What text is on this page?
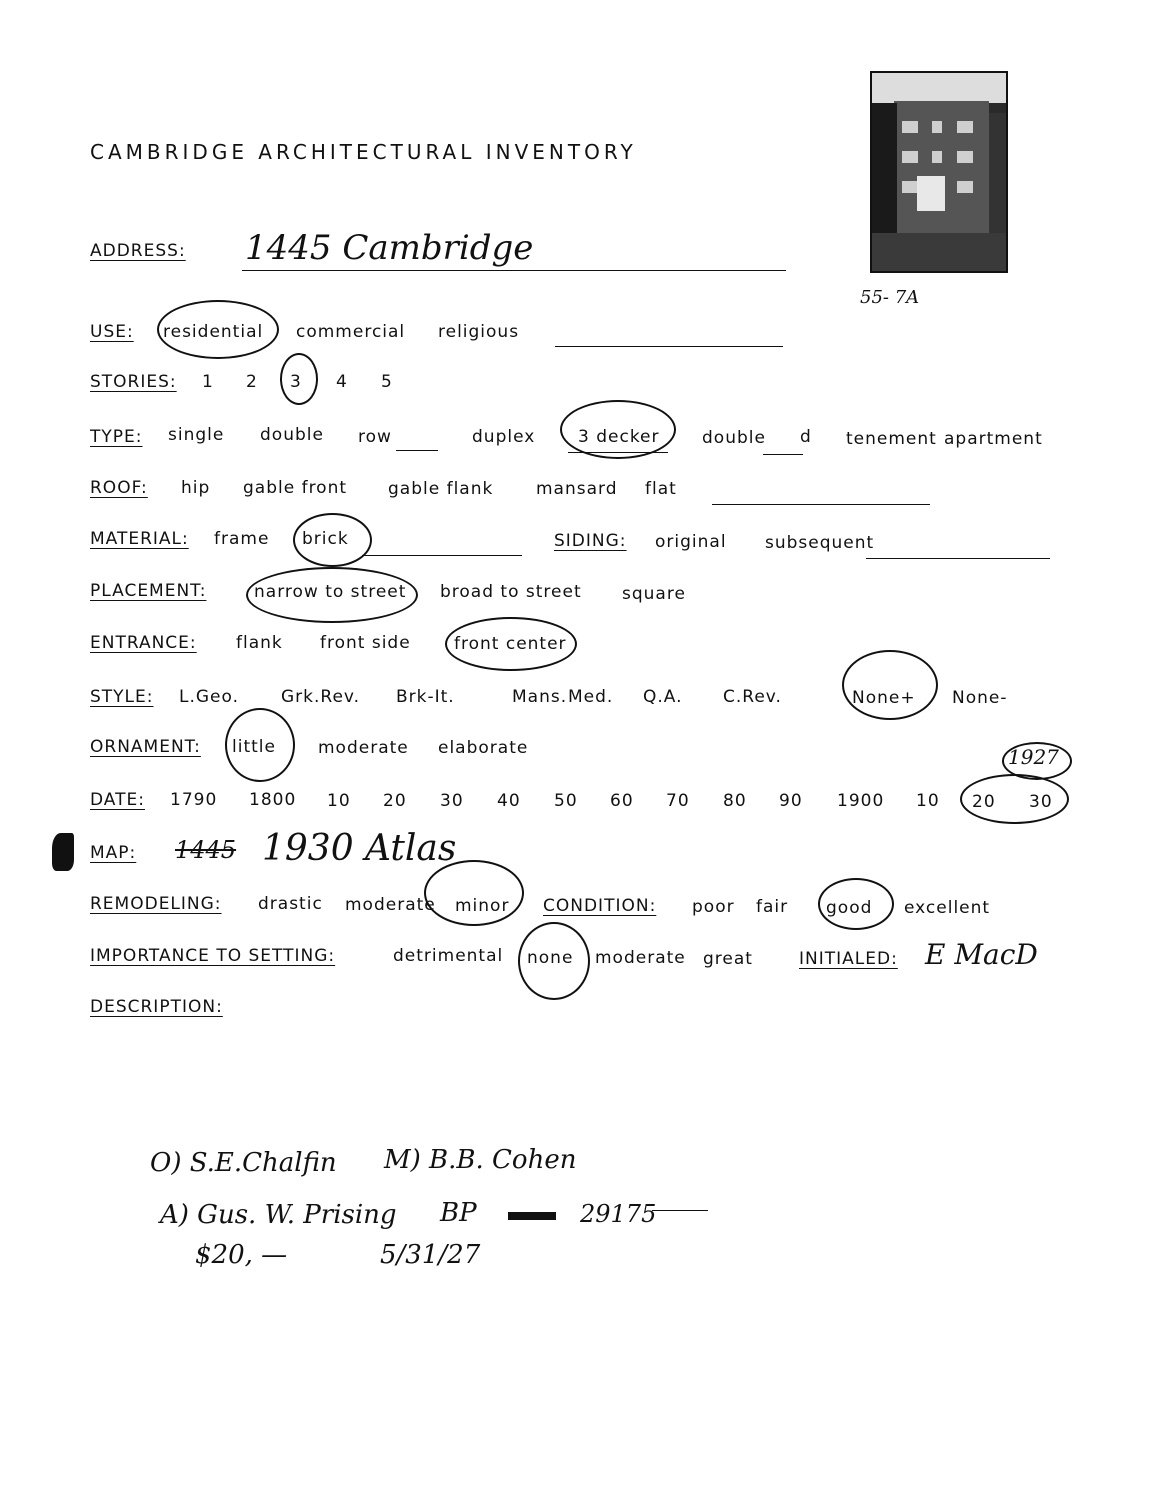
CAMBRIDGE ARCHITECTURAL INVENTORY
55- 7A
ADDRESS: 1445 Cambridge
USE: residential commercial religious
STORIES: 1 2 3 4 5
TYPE: single double row	duplex	3 decker double d tenement apartment
ROOF: hip gable front gable flank	mansard flat
MATERIAL: frame brick	SIDING: original subsequent
PLACEMENT:	narrow to street broad to street square
ENTRANCE: flank front side	front center
STYLE: L.Geo. Grk.Rev. Brk-It.	Mans. Med. Q.A. C.Rev.	None+ None-
ORNAMENT: little moderate elaborate
DATE: 1790 1800 10 20 30 40 50 60 70 80 90 1900 10 20 30
1927
MAP: 1445 1930 Atlas
REMODELING: drastic moderate minor CONDITION: poor fair good excellent
IMPORTANCE TO SETTING:	detrimental none moderate great	INITIALED: E MacD
DESCRIPTION:
O) S.E.Chalfin M) B.B. Cohen
A) Gus. W. Prising BP	29175
$20, —	5/31/27
